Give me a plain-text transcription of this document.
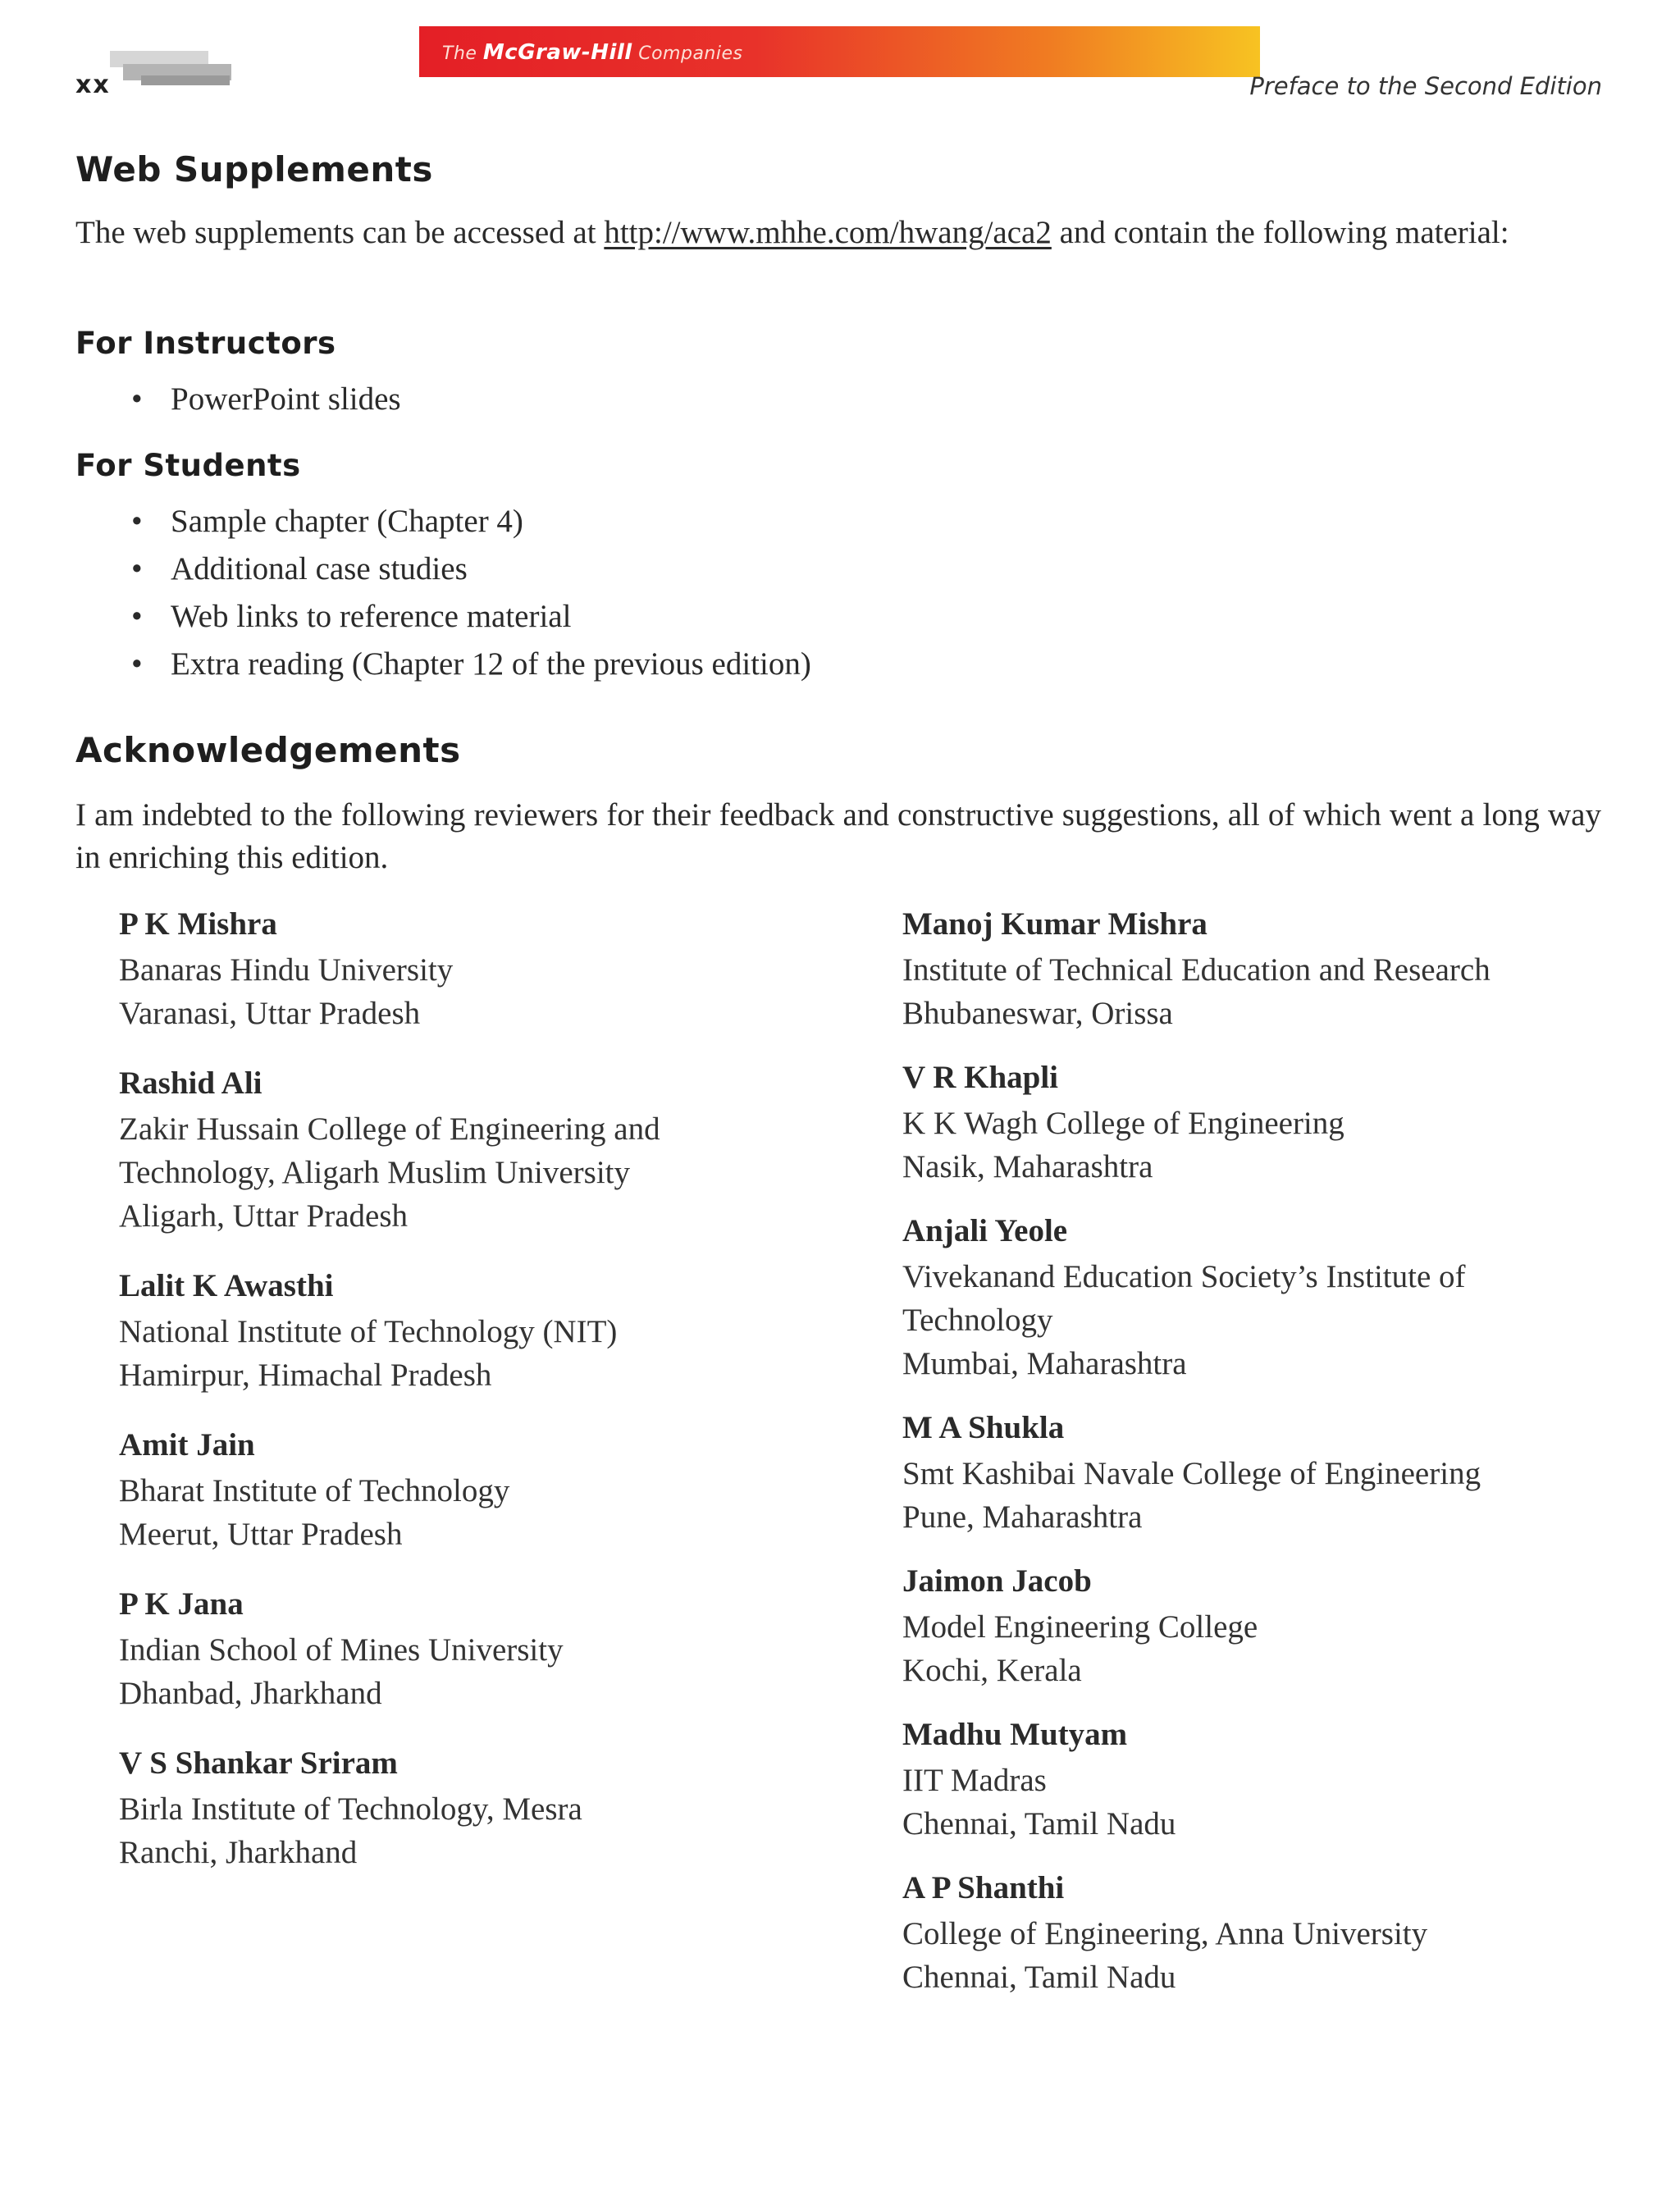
xx
The McGraw-Hill Companies
Preface to the Second Edition
Web Supplements
The web supplements can be accessed at http://www.mhhe.com/hwang/aca2 and contain the following material:
For Instructors
• PowerPoint slides
For Students
• Sample chapter (Chapter 4)
• Additional case studies
• Web links to reference material
• Extra reading (Chapter 12 of the previous edition)
Acknowledgements
I am indebted to the following reviewers for their feedback and constructive suggestions, all of which went a long way in enriching this edition.
P K Mishra
Banaras Hindu University
Varanasi, Uttar Pradesh
Rashid Ali
Zakir Hussain College of Engineering and
Technology, Aligarh Muslim University
Aligarh, Uttar Pradesh
Lalit K Awasthi
National Institute of Technology (NIT)
Hamirpur, Himachal Pradesh
Amit Jain
Bharat Institute of Technology
Meerut, Uttar Pradesh
P K Jana
Indian School of Mines University
Dhanbad, Jharkhand
V S Shankar Sriram
Birla Institute of Technology, Mesra
Ranchi, Jharkhand
Manoj Kumar Mishra
Institute of Technical Education and Research
Bhubaneswar, Orissa
V R Khapli
K K Wagh College of Engineering
Nasik, Maharashtra
Anjali Yeole
Vivekanand Education Society’s Institute of
Technology
Mumbai, Maharashtra
M A Shukla
Smt Kashibai Navale College of Engineering
Pune, Maharashtra
Jaimon Jacob
Model Engineering College
Kochi, Kerala
Madhu Mutyam
IIT Madras
Chennai, Tamil Nadu
A P Shanthi
College of Engineering, Anna University
Chennai, Tamil Nadu
